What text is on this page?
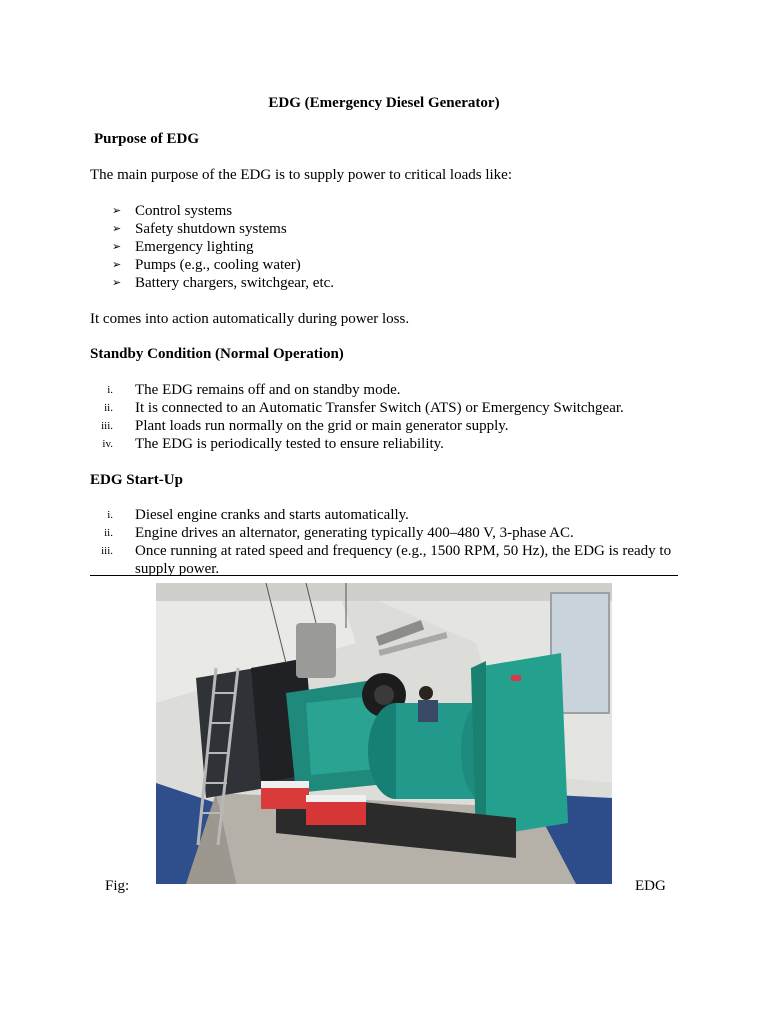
EDG (Emergency Diesel Generator)
Purpose of EDG
The main purpose of the EDG is to supply power to critical loads like:
➢ Control systems
➢ Safety shutdown systems
➢ Emergency lighting
➢ Pumps (e.g., cooling water)
➢ Battery chargers, switchgear, etc.
It comes into action automatically during power loss.
Standby Condition (Normal Operation)
i. The EDG remains off and on standby mode.
ii. It is connected to an Automatic Transfer Switch (ATS) or Emergency Switchgear.
iii. Plant loads run normally on the grid or main generator supply.
iv. The EDG is periodically tested to ensure reliability.
EDG Start-Up
i. Diesel engine cranks and starts automatically.
ii. Engine drives an alternator, generating typically 400–480 V, 3-phase AC.
iii. Once running at rated speed and frequency (e.g., 1500 RPM, 50 Hz), the EDG is ready to
supply power.
Fig:	EDG
